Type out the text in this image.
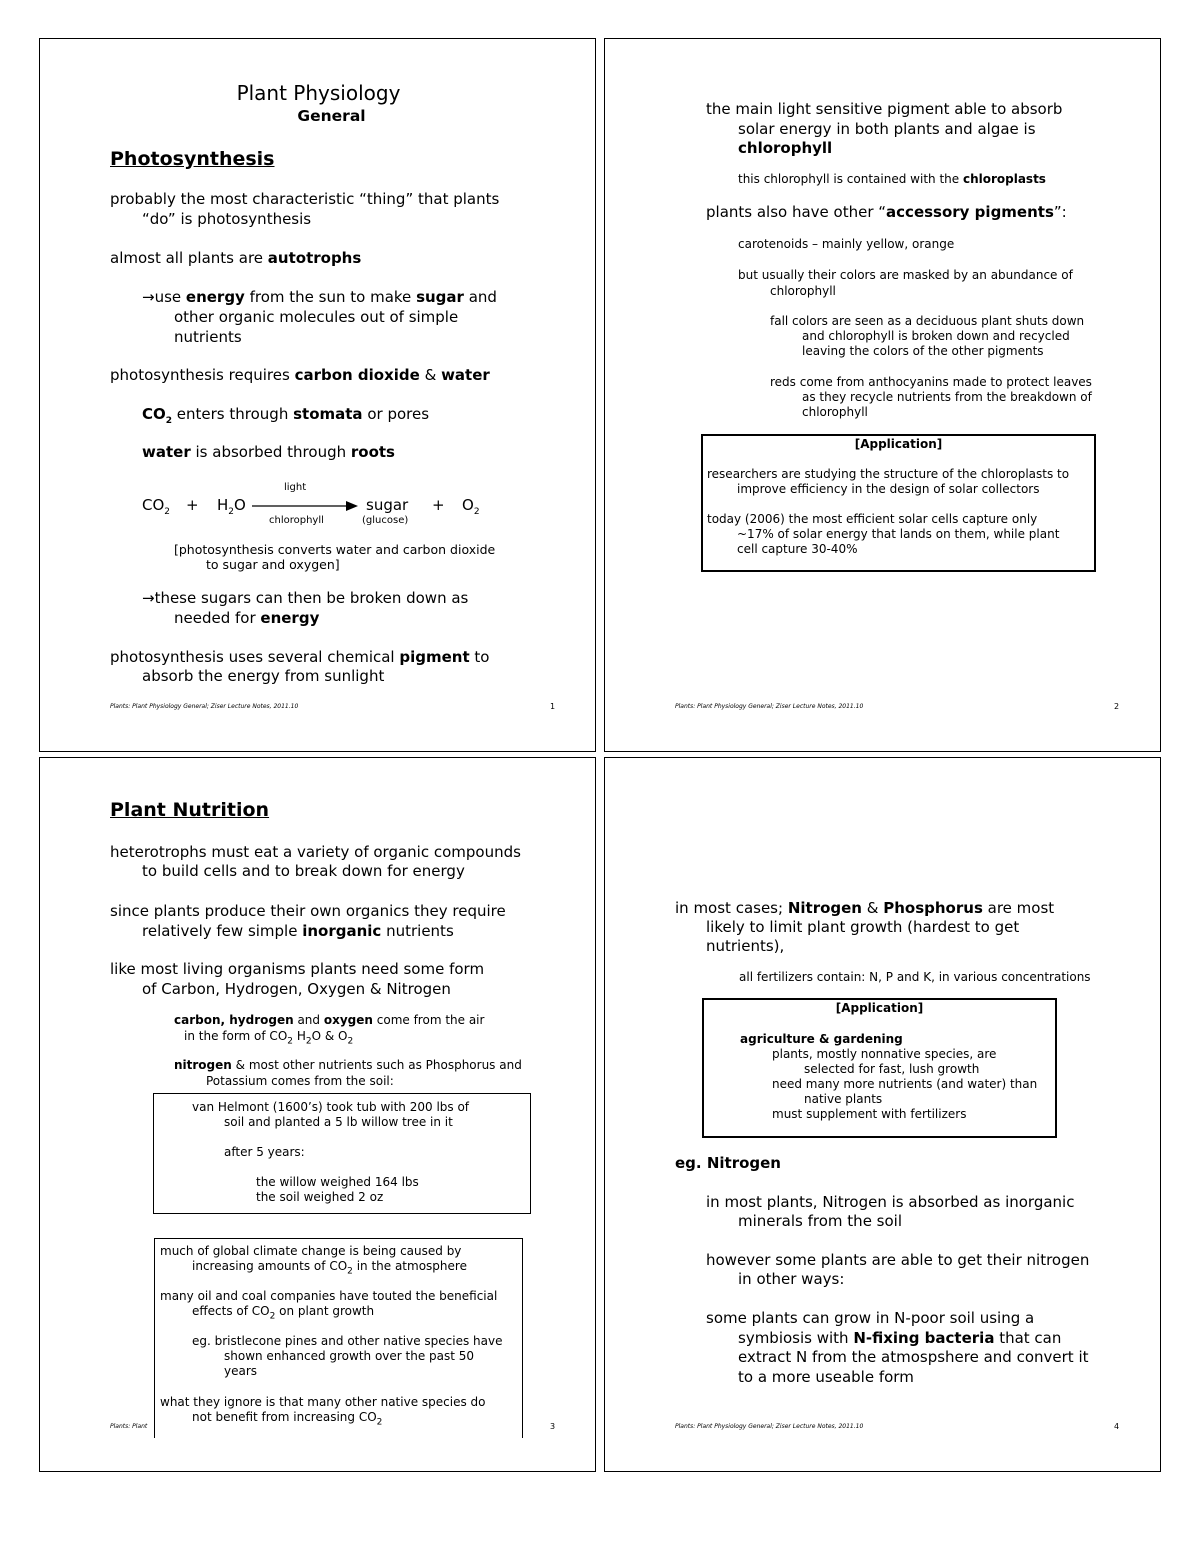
Plant Physiology
General
Photosynthesis
probably the most characteristic “thing” that plants
“do” is photosynthesis
almost all plants are autotrophs
→use energy from the sun to make sugar and
other organic molecules out of simple
nutrients
photosynthesis requires carbon dioxide & water
$CO_2$ enters through stomata or pores
water is absorbed through roots
$CO_2 + H_2O$
light
chlorophyll
sugar
(glucose)
+ $O_2$
[photosynthesis converts water and carbon dioxide
to sugar and oxygen]
→these sugars can then be broken down as
needed for energy
photosynthesis uses several chemical pigment to
absorb the energy from sunlight
Plants: Plant Physiology General; Ziser Lecture Notes, 2011.10	1
the main light sensitive pigment able to absorb
solar energy in both plants and algae is
chlorophyll
this chlorophyll is contained with the chloroplasts
plants also have other “accessory pigments”:
carotenoids – mainly yellow, orange
but usually their colors are masked by an abundance of
chlorophyll
fall colors are seen as a deciduous plant shuts down
and chlorophyll is broken down and recycled
leaving the colors of the other pigments
reds come from anthocyanins made to protect leaves
as they recycle nutrients from the breakdown of
chlorophyll
[Application]
researchers are studying the structure of the chloroplasts to
improve efficiency in the design of solar collectors
today (2006) the most efficient solar cells capture only
~17% of solar energy that lands on them, while plant
cell capture 30-40%
Plants: Plant Physiology General; Ziser Lecture Notes, 2011.10	2
Plant Nutrition
heterotrophs must eat a variety of organic compounds
to build cells and to break down for energy
since plants produce their own organics they require
relatively few simple inorganic nutrients
like most living organisms plants need some form
of Carbon, Hydrogen, Oxygen & Nitrogen
carbon, hydrogen and oxygen come from the air
in the form of $CO_2$ $H_2O$ & $O_2$
nitrogen & most other nutrients such as Phosphorus and
Potassium comes from the soil:
van Helmont (1600’s) took tub with 200 lbs of
soil and planted a 5 lb willow tree in it
after 5 years:
the willow weighed 164 lbs
the soil weighed 2 oz
much of global climate change is being caused by
increasing amounts of $CO_2$ in the atmosphere
many oil and coal companies have touted the beneficial
effects of $CO_2$ on plant growth
eg. bristlecone pines and other native species have
shown enhanced growth over the past 50
years
what they ignore is that many other native species do
not benefit from increasing $CO_2$
Plants: Plant	3
in most cases; Nitrogen & Phosphorus are most
likely to limit plant growth (hardest to get
nutrients),
all fertilizers contain: N, P and K, in various concentrations
[Application]
agriculture & gardening
plants, mostly nonnative species, are
selected for fast, lush growth
need many more nutrients (and water) than
native plants
must supplement with fertilizers
eg. Nitrogen
in most plants, Nitrogen is absorbed as inorganic
minerals from the soil
however some plants are able to get their nitrogen
in other ways:
some plants can grow in N-poor soil using a
symbiosis with N-fixing bacteria that can
extract N from the atmospshere and convert it
to a more useable form
Plants: Plant Physiology General; Ziser Lecture Notes, 2011.10	4
